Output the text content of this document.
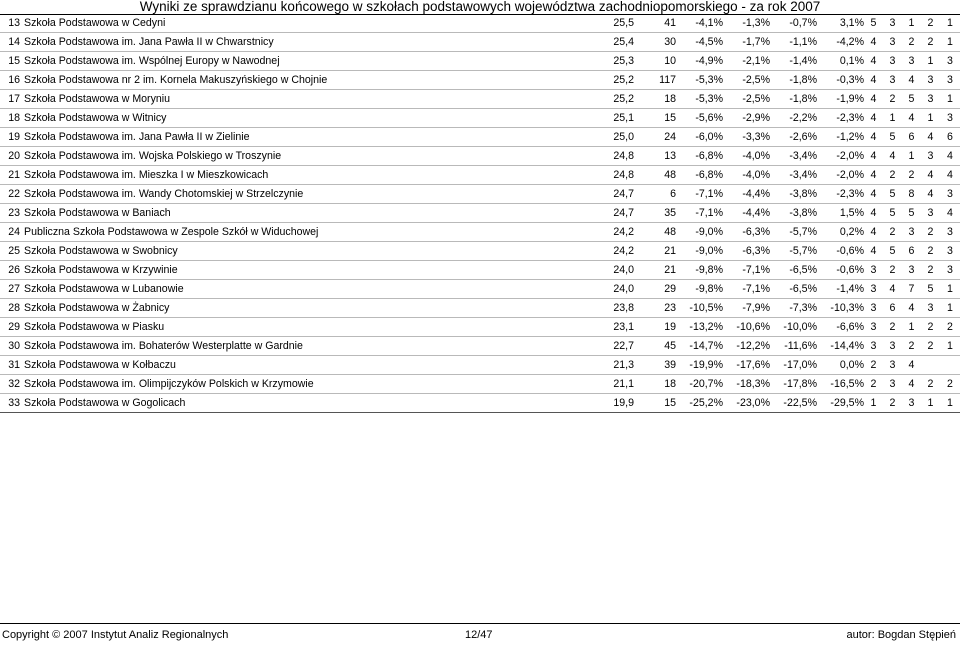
Wyniki ze sprawdzianu końcowego w szkołach podstawowych województwa zachodniopomorskiego - za rok 2007
13	Szkoła Podstawowa w Cedyni	25,5	41	-4,1%	-1,3%	-0,7%	3,1%	5	3	1	2	1
14	Szkoła Podstawowa im. Jana Pawła II w Chwarstnicy	25,4	30	-4,5%	-1,7%	-1,1%	-4,2%	4	3	2	2	1
15	Szkoła Podstawowa im. Wspólnej Europy w Nawodnej	25,3	10	-4,9%	-2,1%	-1,4%	0,1%	4	3	3	1	3
16	Szkoła Podstawowa nr 2 im. Kornela Makuszyńskiego w Chojnie	25,2	117	-5,3%	-2,5%	-1,8%	-0,3%	4	3	4	3	3
17	Szkoła Podstawowa w Moryniu	25,2	18	-5,3%	-2,5%	-1,8%	-1,9%	4	2	5	3	1
18	Szkoła Podstawowa w Witnicy	25,1	15	-5,6%	-2,9%	-2,2%	-2,3%	4	1	4	1	3
19	Szkoła Podstawowa im. Jana Pawła II w Zielinie	25,0	24	-6,0%	-3,3%	-2,6%	-1,2%	4	5	6	4	6
20	Szkoła Podstawowa im. Wojska Polskiego w Troszynie	24,8	13	-6,8%	-4,0%	-3,4%	-2,0%	4	4	1	3	4
21	Szkoła Podstawowa im. Mieszka I w Mieszkowicach	24,8	48	-6,8%	-4,0%	-3,4%	-2,0%	4	2	2	4	4
22	Szkoła Podstawowa im. Wandy Chotomskiej w Strzelczynie	24,7	6	-7,1%	-4,4%	-3,8%	-2,3%	4	5	8	4	3
23	Szkoła Podstawowa w Baniach	24,7	35	-7,1%	-4,4%	-3,8%	1,5%	4	5	5	3	4
24	Publiczna Szkoła Podstawowa w Zespole Szkół w Widuchowej	24,2	48	-9,0%	-6,3%	-5,7%	0,2%	4	2	3	2	3
25	Szkoła Podstawowa w Swobnicy	24,2	21	-9,0%	-6,3%	-5,7%	-0,6%	4	5	6	2	3
26	Szkoła Podstawowa w Krzywinie	24,0	21	-9,8%	-7,1%	-6,5%	-0,6%	3	2	3	2	3
27	Szkoła Podstawowa w Lubanowie	24,0	29	-9,8%	-7,1%	-6,5%	-1,4%	3	4	7	5	1
28	Szkoła Podstawowa w Żabnicy	23,8	23	-10,5%	-7,9%	-7,3%	-10,3%	3	6	4	3	1
29	Szkoła Podstawowa w Piasku	23,1	19	-13,2%	-10,6%	-10,0%	-6,6%	3	2	1	2	2
30	Szkoła Podstawowa im. Bohaterów Westerplatte w Gardnie	22,7	45	-14,7%	-12,2%	-11,6%	-14,4%	3	3	2	2	1
31	Szkoła Podstawowa w Kołbaczu	21,3	39	-19,9%	-17,6%	-17,0%	0,0%	2	3	4		
32	Szkoła Podstawowa im. Olimpijczyków Polskich w Krzymowie	21,1	18	-20,7%	-18,3%	-17,8%	-16,5%	2	3	4	2	2
33	Szkoła Podstawowa w Gogolicach	19,9	15	-25,2%	-23,0%	-22,5%	-29,5%	1	2	3	1	1
Copyright © 2007 Instytut Analiz Regionalnych	12/47	autor: Bogdan Stępień
